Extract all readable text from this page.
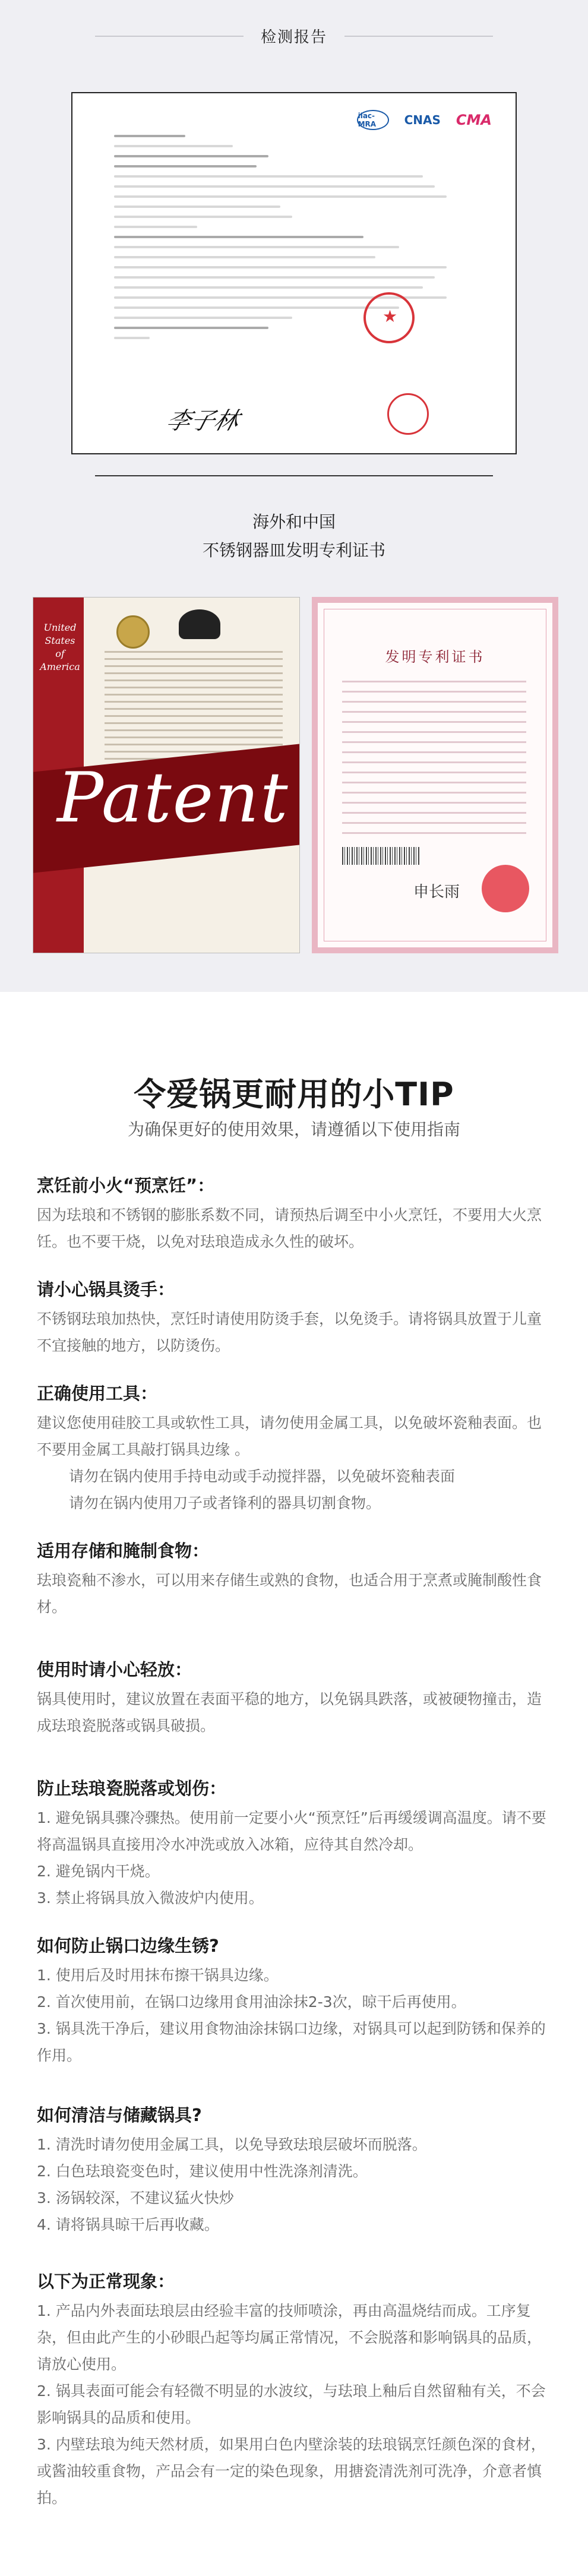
检测报告
ilac-MRA	CNAS CMA
★
李子林
海外和中国
不锈钢器皿发明专利证书
United States of America
Patent
发明专利证书
申长雨
令爱锅更耐用的小TIP
为确保更好的使用效果，请遵循以下使用指南
烹饪前小火“预烹饪”：

因为珐琅和不锈钢的膨胀系数不同，请预热后调至中小火烹饪，不要用大火烹饪。也不要干烧，以免对珐琅造成永久性的破坏。

请小心锅具烫手：

不锈钢珐琅加热快，烹饪时请使用防烫手套，以免烫手。请将锅具放置于儿童不宜接触的地方，以防烫伤。

正确使用工具：

建议您使用硅胶工具或软性工具，请勿使用金属工具，以免破坏瓷釉表面。也不要用金属工具敲打锅具边缘 。

请勿在锅内使用手持电动或手动搅拌器，以免破坏瓷釉表面

请勿在锅内使用刀子或者锋利的器具切割食物。

适用存储和腌制食物：

珐琅瓷釉不渗水，可以用来存储生或熟的食物，也适合用于烹煮或腌制酸性食材。

使用时请小心轻放：

锅具使用时，建议放置在表面平稳的地方，以免锅具跌落，或被硬物撞击，造成珐琅瓷脱落或锅具破损。

防止珐琅瓷脱落或划伤：

1. 避免锅具骤冷骤热。使用前一定要小火“预烹饪”后再缓缓调高温度。请不要将高温锅具直接用冷水冲洗或放入冰箱，应待其自然冷却。

2. 避免锅内干烧。

3. 禁止将锅具放入微波炉内使用。

如何防止锅口边缘生锈?

1. 使用后及时用抹布擦干锅具边缘。

2. 首次使用前，在锅口边缘用食用油涂抹2-3次，晾干后再使用。

3. 锅具洗干净后，建议用食物油涂抹锅口边缘，对锅具可以起到防锈和保养的作用。

如何清洁与储藏锅具?

1. 清洗时请勿使用金属工具，以免导致珐琅层破坏而脱落。

2. 白色珐琅瓷变色时，建议使用中性洗涤剂清洗。

3. 汤锅较深，不建议猛火快炒

4. 请将锅具晾干后再收藏。

以下为正常现象：

1. 产品内外表面珐琅层由经验丰富的技师喷涂，再由高温烧结而成。工序复杂，但由此产生的小砂眼凸起等均属正常情况，不会脱落和影响锅具的品质，请放心使用。

2. 锅具表面可能会有轻微不明显的水波纹，与珐琅上釉后自然留釉有关，不会影响锅具的品质和使用。

3. 内壁珐琅为纯天然材质，如果用白色内壁涂装的珐琅锅烹饪颜色深的食材，或酱油较重食物，产品会有一定的染色现象，用搪瓷清洗剂可洗净，介意者慎拍。
